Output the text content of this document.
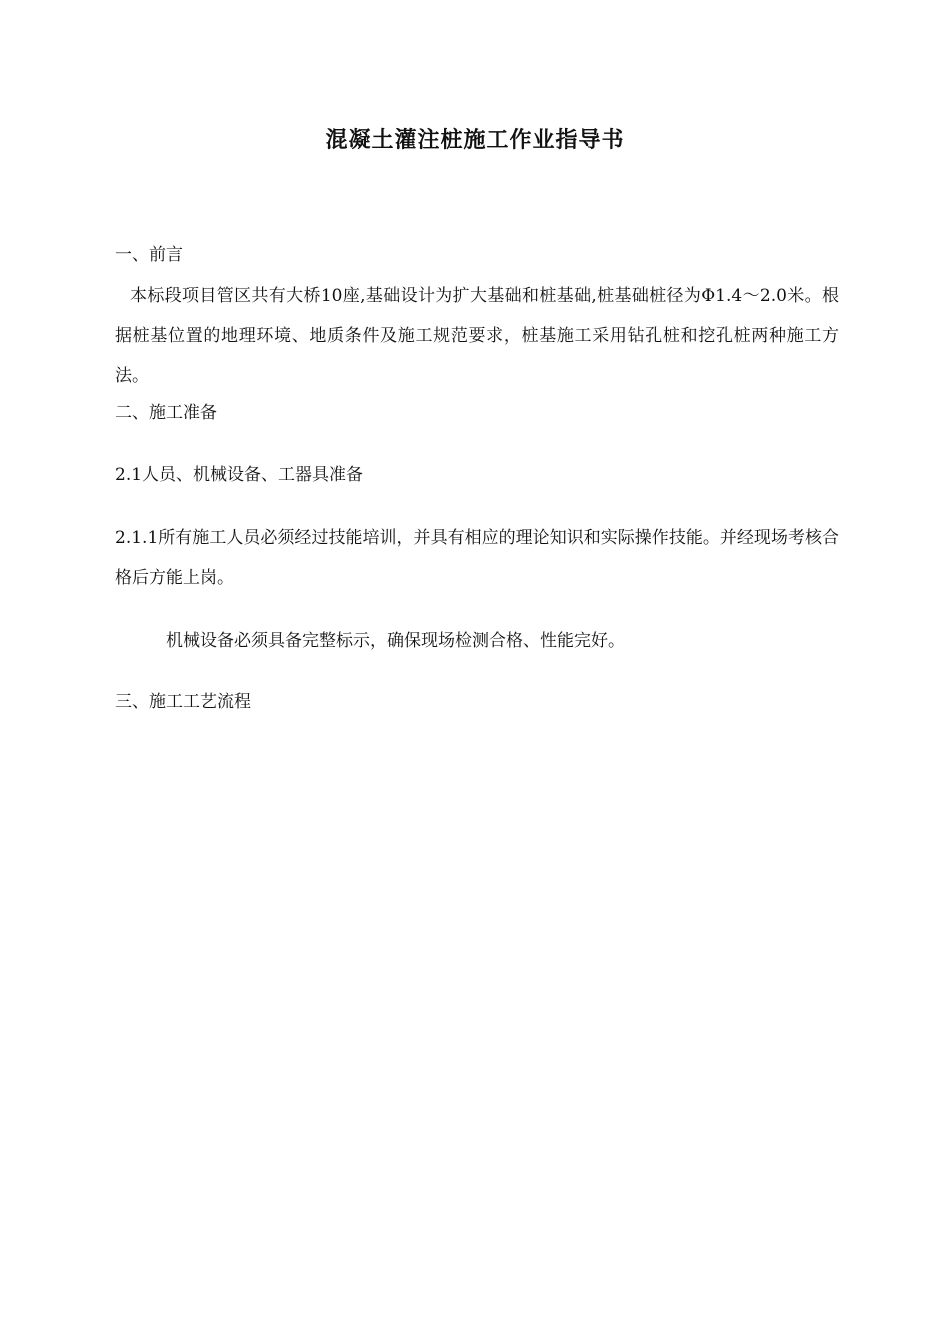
混凝土灌注桩施工作业指导书
一、前言
本标段项目管区共有大桥10座,基础设计为扩大基础和桩基础,桩基础桩径为Φ1.4～2.0米。根据桩基位置的地理环境、地质条件及施工规范要求，桩基施工采用钻孔桩和挖孔桩两种施工方法。
二、施工准备
2.1人员、机械设备、工器具准备
2.1.1所有施工人员必须经过技能培训，并具有相应的理论知识和实际操作技能。并经现场考核合格后方能上岗。
机械设备必须具备完整标示，确保现场检测合格、性能完好。
三、施工工艺流程
